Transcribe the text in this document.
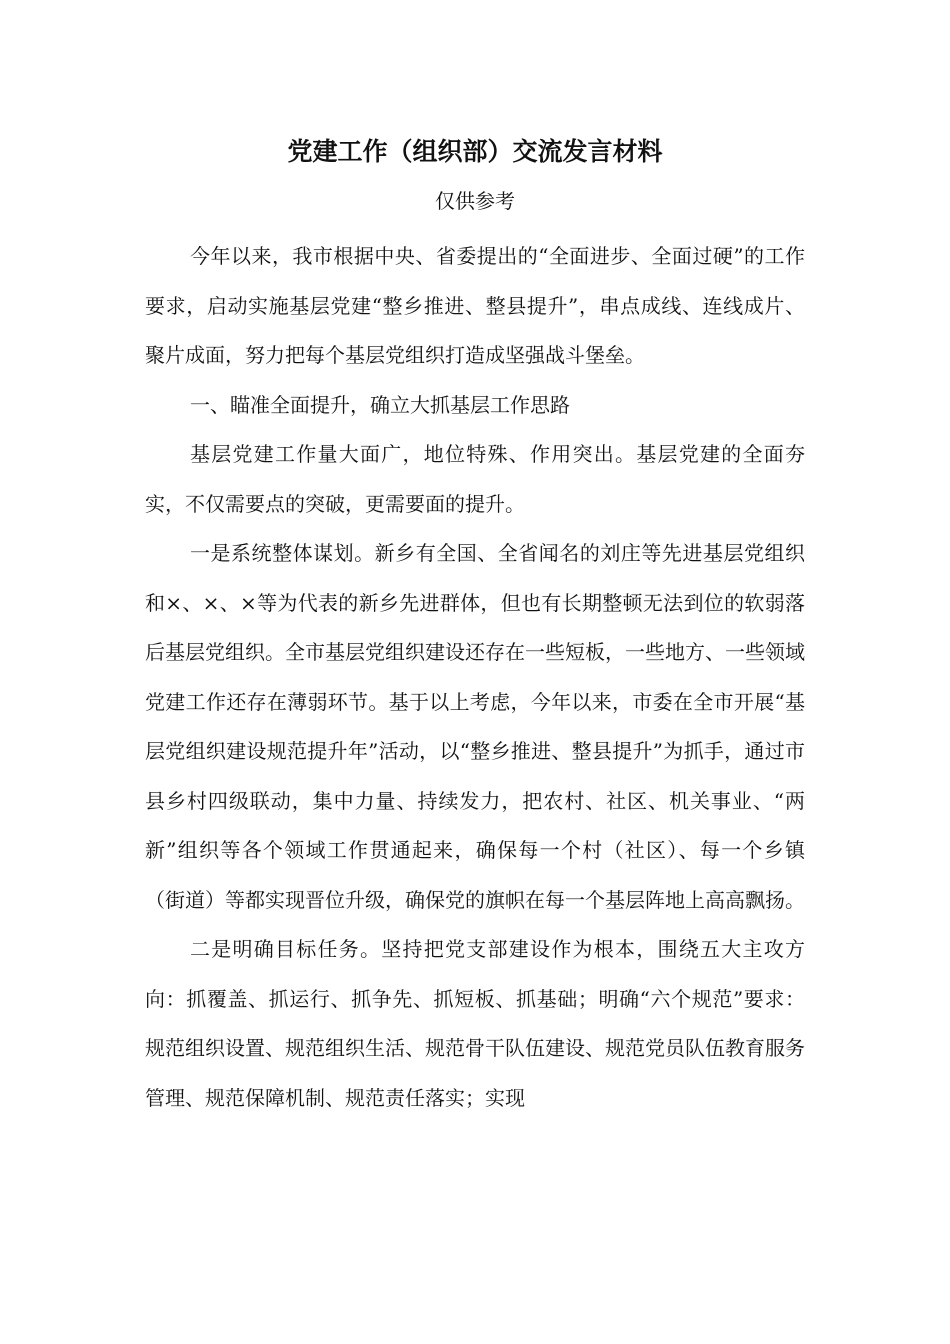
党建工作（组织部）交流发言材料

仅供参考

今年以来，我市根据中央、省委提出的“全面进步、全面过硬”的工作要求，启动实施基层党建“整乡推进、整县提升”，串点成线、连线成片、聚片成面，努力把每个基层党组织打造成坚强战斗堡垒。

一、瞄准全面提升，确立大抓基层工作思路

基层党建工作量大面广，地位特殊、作用突出。基层党建的全面夯实，不仅需要点的突破，更需要面的提升。

一是系统整体谋划。新乡有全国、全省闻名的刘庄等先进基层党组织和×、×、×等为代表的新乡先进群体，但也有长期整顿无法到位的软弱落后基层党组织。全市基层党组织建设还存在一些短板，一些地方、一些领域党建工作还存在薄弱环节。基于以上考虑，今年以来，市委在全市开展“基层党组织建设规范提升年”活动，以“整乡推进、整县提升”为抓手，通过市县乡村四级联动，集中力量、持续发力，把农村、社区、机关事业、“两新”组织等各个领域工作贯通起来，确保每一个村（社区）、每一个乡镇（街道）等都实现晋位升级，确保党的旗帜在每一个基层阵地上高高飘扬。

二是明确目标任务。坚持把党支部建设作为根本，围绕五大主攻方向：抓覆盖、抓运行、抓争先、抓短板、抓基础；明确“六个规范”要求：规范组织设置、规范组织生活、规范骨干队伍建设、规范党员队伍教育服务管理、规范保障机制、规范责任落实；实现
